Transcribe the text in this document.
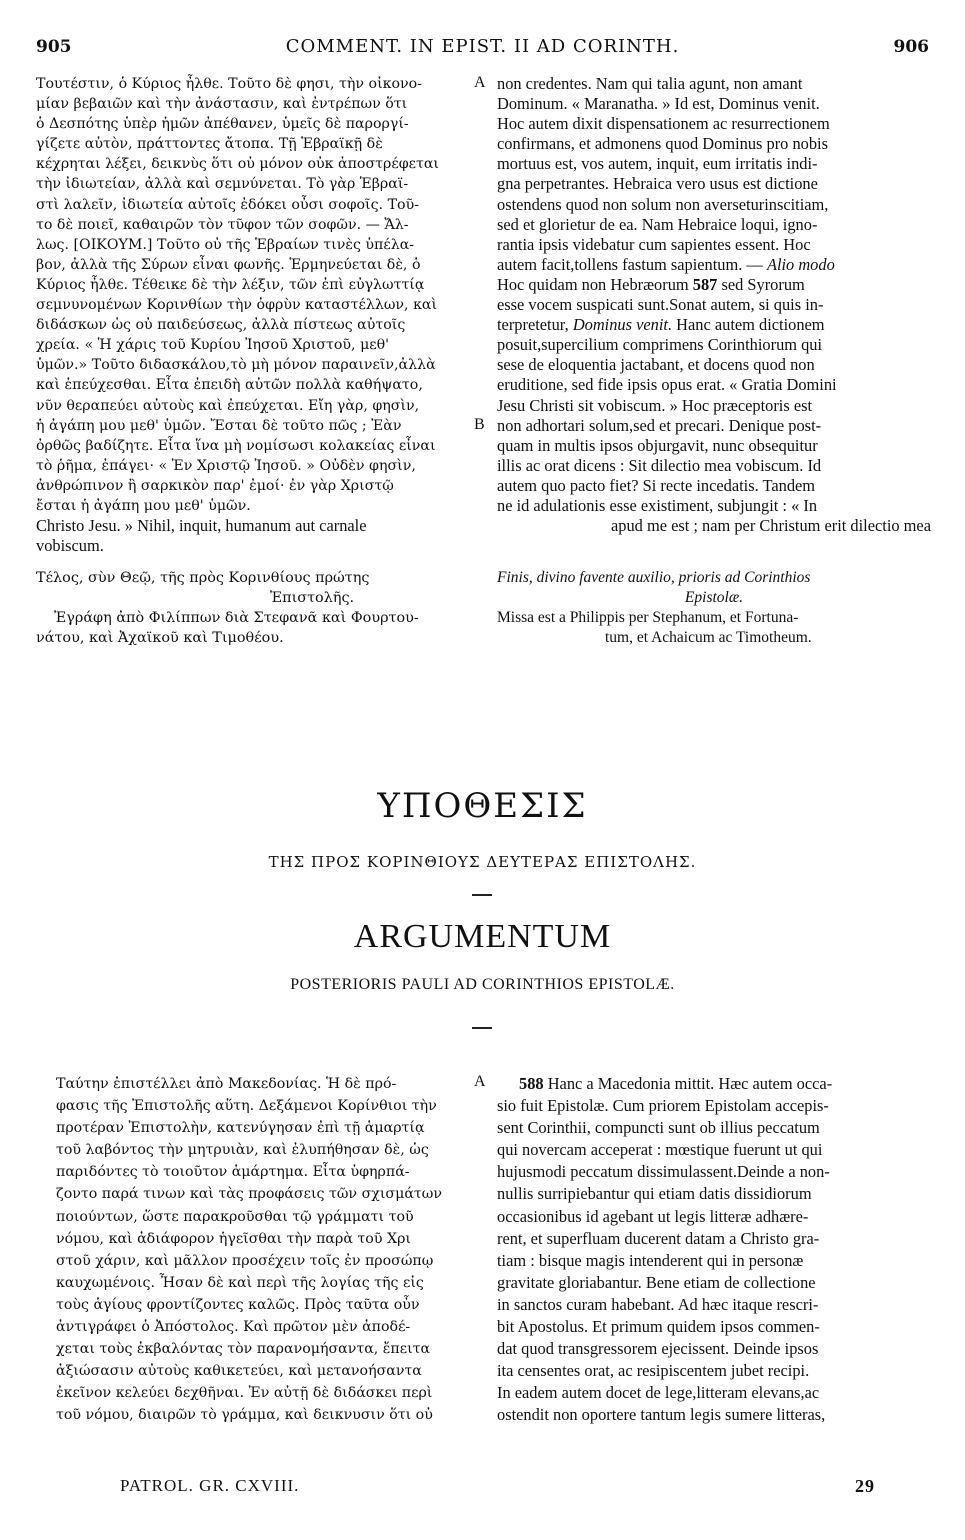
905	COMMENT. IN EPIST. II AD CORINTH.	906
Τουτέστιν, ὁ Κύριος ἦλθε. Τοῦτο δὲ φησι, τὴν οἰκονο-
μίαν βεβαιῶν καὶ τὴν ἀνάστασιν, καὶ ἐντρέπων ὅτι
ὁ Δεσπότης ὑπὲρ ἡμῶν ἀπέθανεν, ὑμεῖς δὲ παροργί-
γίζετε αὐτὸν, πράττοντες ἄτοπα. Τῇ Ἑβραϊκῇ δὲ
κέχρηται λέξει, δεικνὺς ὅτι οὐ μόνον οὐκ ἀποστρέφεται
τὴν ἰδιωτείαν, ἀλλὰ καὶ σεμνύνεται. Τὸ γὰρ Ἑβραϊ-
στὶ λαλεῖν, ἰδιωτεία αὐτοῖς ἐδόκει οὖσι σοφοῖς. Τοῦ-
το δὲ ποιεῖ, καθαιρῶν τὸν τῦφον τῶν σοφῶν. — Ἄλ-
λως. [ΟΙΚΟΥΜ.] Τοῦτο οὐ τῆς Ἑβραίων τινὲς ὑπέλα-
βον, ἀλλὰ τῆς Σύρων εἶναι φωνῆς. Ἑρμηνεύεται δὲ, ὁ
Κύριος ἦλθε. Τέθεικε δὲ τὴν λέξιν, τῶν ἐπὶ εὐγλωττίᾳ
σεμνυνομένων Κορινθίων τὴν ὀφρὺν καταστέλλων, καὶ
διδάσκων ὡς οὐ παιδεύσεως, ἀλλὰ πίστεως αὐτοῖς
χρεία. « Ἡ χάρις τοῦ Κυρίου Ἰησοῦ Χριστοῦ, μεθ'
ὑμῶν.» Τοῦτο διδασκάλου,τὸ μὴ μόνον παραινεῖν,ἀλλὰ
καὶ ἐπεύχεσθαι. Εἶτα ἐπειδὴ αὐτῶν πολλὰ καθήψατο,
νῦν θεραπεύει αὐτοὺς καὶ ἐπεύχεται. Εἴη γὰρ, φησὶν,
ἡ ἀγάπη μου μεθ' ὑμῶν. Ἔσται δὲ τοῦτο πῶς ; Ἐὰν
ὀρθῶς βαδίζητε. Εἶτα ἵνα μὴ νομίσωσι κολακείας εἶναι
τὸ ῥῆμα, ἐπάγει· « Ἐν Χριστῷ Ἰησοῦ. » Οὐδὲν φησὶν,
ἀνθρώπινον ἢ σαρκικὸν παρ' ἐμοί· ἐν γὰρ Χριστῷ
ἔσται ἡ ἀγάπη μου μεθ' ὑμῶν.
non credentes. Nam qui talia agunt, non amant
Dominum. « Maranatha. » Id est, Dominus venit.
Hoc autem dixit dispensationem ac resurrectionem
confirmans, et admonens quod Dominus pro nobis
mortuus est, vos autem, inquit, eum irritatis indi-
gna perpetrantes. Hebraica vero usus est dictione
ostendens quod non solum non averseturinscitiam,
sed et glorietur de ea. Nam Hebraice loqui, igno-
rantia ipsis videbatur cum sapientes essent. Hoc
autem facit,tollens fastum sapientum. — Alio modo
Hoc quidam non Hebræorum 587 sed Syrorum
esse vocem suspicati sunt.Sonat autem, si quis in-
terpretetur, Dominus venit. Hanc autem dictionem
posuit,supercilium comprimens Corinthiorum qui
sese de eloquentia jactabant, et docens quod non
eruditione, sed fide ipsis opus erat. « Gratia Domini
Jesu Christi sit vobiscum. » Hoc præceptoris est
non adhortari solum,sed et precari. Denique post-
quam in multis ipsos objurgavit, nunc obsequitur
illis ac orat dicens : Sit dilectio mea vobiscum. Id
autem quo pacto fiet? Si recte incedatis. Tandem
ne id adulationis esse existiment, subjungit : « In
A
B
Christo Jesu. » Nihil, inquit, humanum aut carnale	apud me est ; nam per Christum erit dilectio mea
vobiscum.
Τέλος, σὺν Θεῷ, τῆς πρὸς Κορινθίους πρώτης
Ἐπιστολῆς.
Ἐγράφη ἀπὸ Φιλίππων διὰ Στεφανᾶ καὶ Φουρτου-
νάτου, καὶ Ἀχαϊκοῦ καὶ Τιμοθέου.
Finis, divino favente auxilio, prioris ad Corinthios
Epistolæ.
Missa est a Philippis per Stephanum, et Fortuna-
tum, et Achaicum ac Timotheum.
ΥΠΟΘΕΣΙΣ
ΤΗΣ ΠΡΟΣ ΚΟΡΙΝΘΙΟΥΣ ΔΕΥΤΕΡΑΣ ΕΠΙΣΤΟΛΗΣ.
ARGUMENTUM
POSTERIORIS PAULI AD CORINTHIOS EPISTOLÆ.
Ταύτην ἐπιστέλλει ἀπὸ Μακεδονίας. Ἡ δὲ πρό-
φασις τῆς Ἐπιστολῆς αὕτη. Δεξάμενοι Κορίνθιοι τὴν
προτέραν Ἐπιστολὴν, κατενύγησαν ἐπὶ τῇ ἁμαρτίᾳ
τοῦ λαβόντος τὴν μητρυιὰν, καὶ ἐλυπήθησαν δὲ, ὡς
παριδόντες τὸ τοιοῦτον ἁμάρτημα. Εἶτα ὑφηρπά-
ζοντο παρά τινων καὶ τὰς προφάσεις τῶν σχισμάτων
ποιούντων, ὥστε παρακροῦσθαι τῷ γράμματι τοῦ
νόμου, καὶ ἀδιάφορον ἡγεῖσθαι τὴν παρὰ τοῦ Χρι
στοῦ χάριν, καὶ μᾶλλον προσέχειν τοῖς ἐν προσώπῳ
καυχωμένοις. Ἦσαν δὲ καὶ περὶ τῆς λογίας τῆς εἰς
τοὺς ἁγίους φροντίζοντες καλῶς. Πρὸς ταῦτα οὖν
ἀντιγράφει ὁ Ἀπόστολος. Καὶ πρῶτον μὲν ἀποδέ-
χεται τοὺς ἐκβαλόντας τὸν παρανομήσαντα, ἔπειτα
ἀξιώσασιν αὐτοὺς καθικετεύει, καὶ μετανοήσαντα
ἐκεῖνον κελεύει δεχθῆναι. Ἐν αὐτῇ δὲ διδάσκει περὶ
τοῦ νόμου, διαιρῶν τὸ γράμμα, καὶ δεικνυσιν ὅτι οὐ
A	588 Hanc a Macedonia mittit. Hæc autem occa-
sio fuit Epistolæ. Cum priorem Epistolam accepis-
sent Corinthii, compuncti sunt ob illius peccatum
qui novercam acceperat : mœstique fuerunt ut qui
hujusmodi peccatum dissimulassent.Deinde a non-
nullis surripiebantur qui etiam datis dissidiorum
occasionibus id agebant ut legis litteræ adhære-
rent, et superfluam ducerent datam a Christo gra-
tiam : bisque magis intenderent qui in personæ
gravitate gloriabantur. Bene etiam de collectione
in sanctos curam habebant. Ad hæc itaque rescri-
bit Apostolus. Et primum quidem ipsos commen-
dat quod transgressorem ejecissent. Deinde ipsos
ita censentes orat, ac resipiscentem jubet recipi.
In eadem autem docet de lege,litteram elevans,ac
ostendit non oportere tantum legis sumere litteras,
PATROL. GR. CXVIII.	29
